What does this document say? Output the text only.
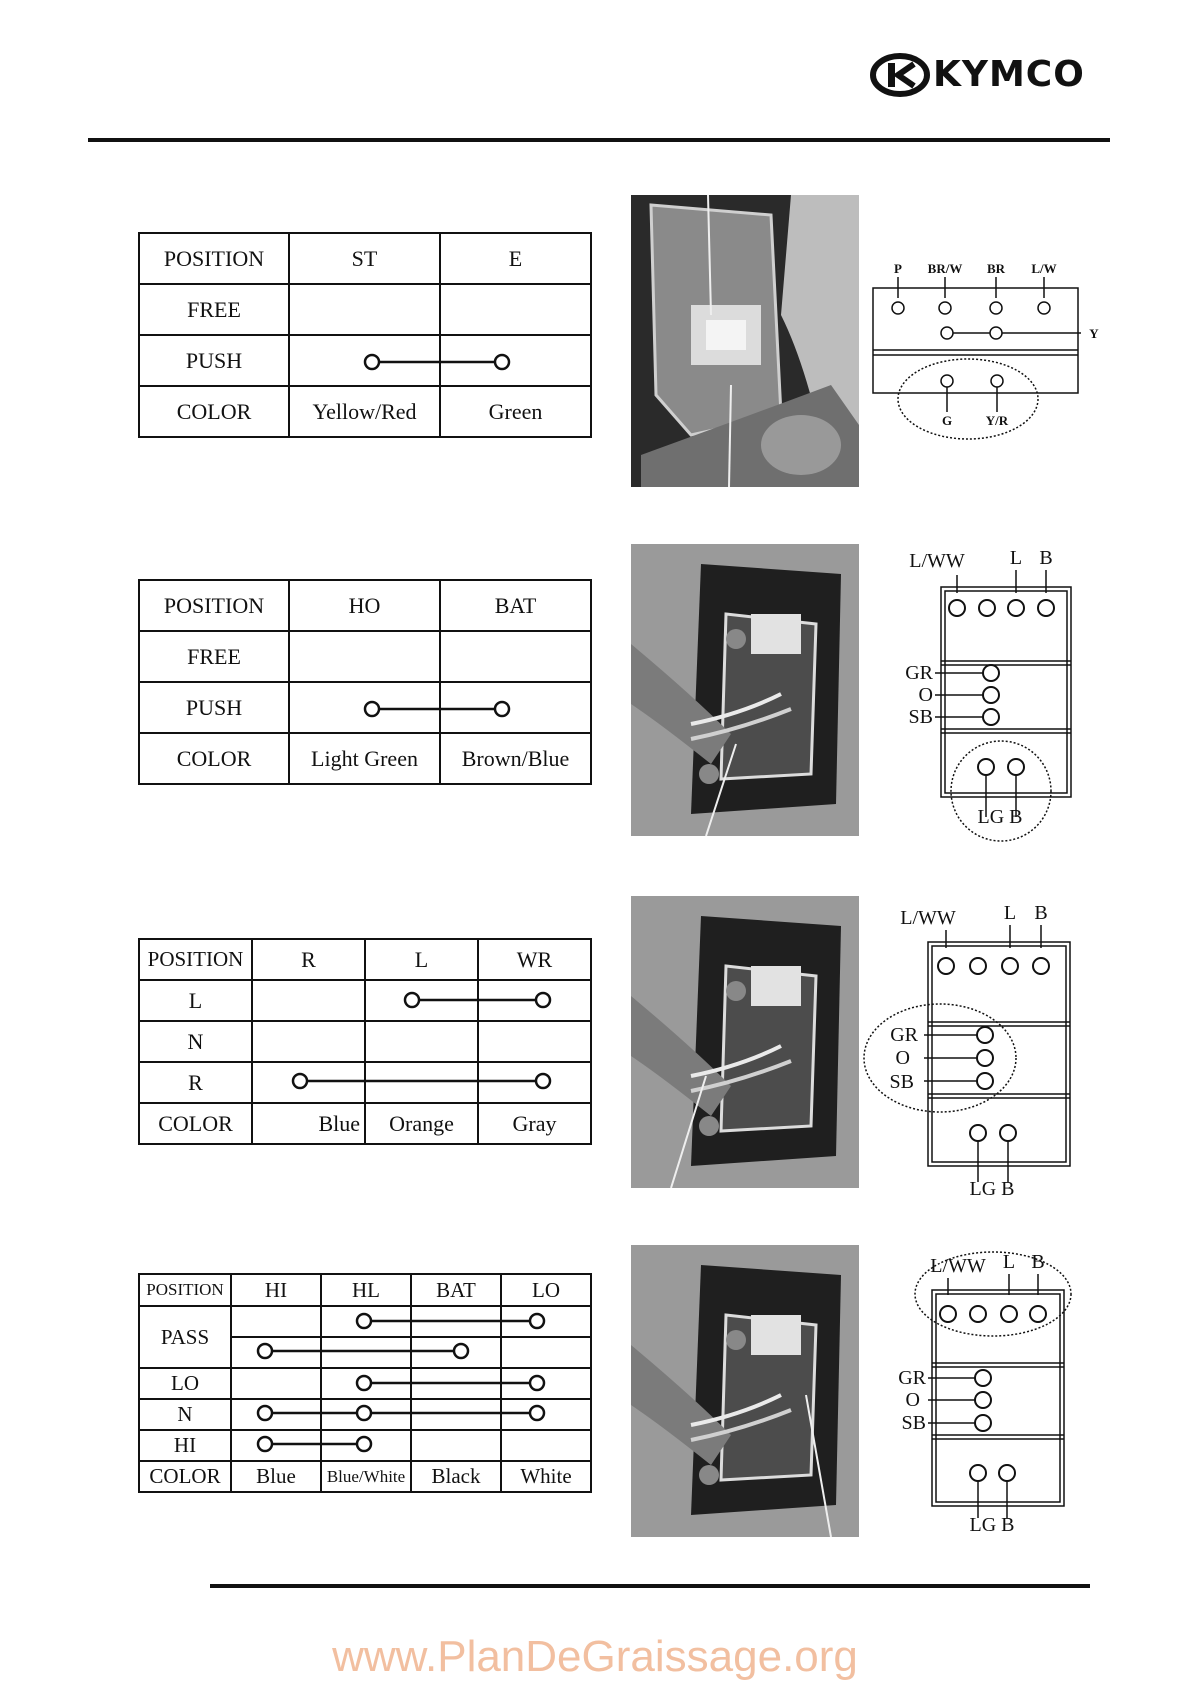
KYMCO
POSITION	ST	E
FREE		
PUSH		
COLOR	Yellow/Red	Green
POSITION	HO	BAT
FREE		
PUSH		
COLOR	Light Green	Brown/Blue
POSITION	R	L	WR
L			
N			
R			
COLOR	Blue	Orange	Gray
POSITION	HI	HL	BAT	LO
PASS				

LO				
N				
HI				
COLOR	Blue	Blue/White	Black	White
P BR/W BR L/W
Y
G	Y/R
L/WW L B
GR
O
SB
LG B
L/WW L B
GR
O
SB
LG B
L/WW L B
GR
O
SB
LG B
www.PlanDeGraissage.org
